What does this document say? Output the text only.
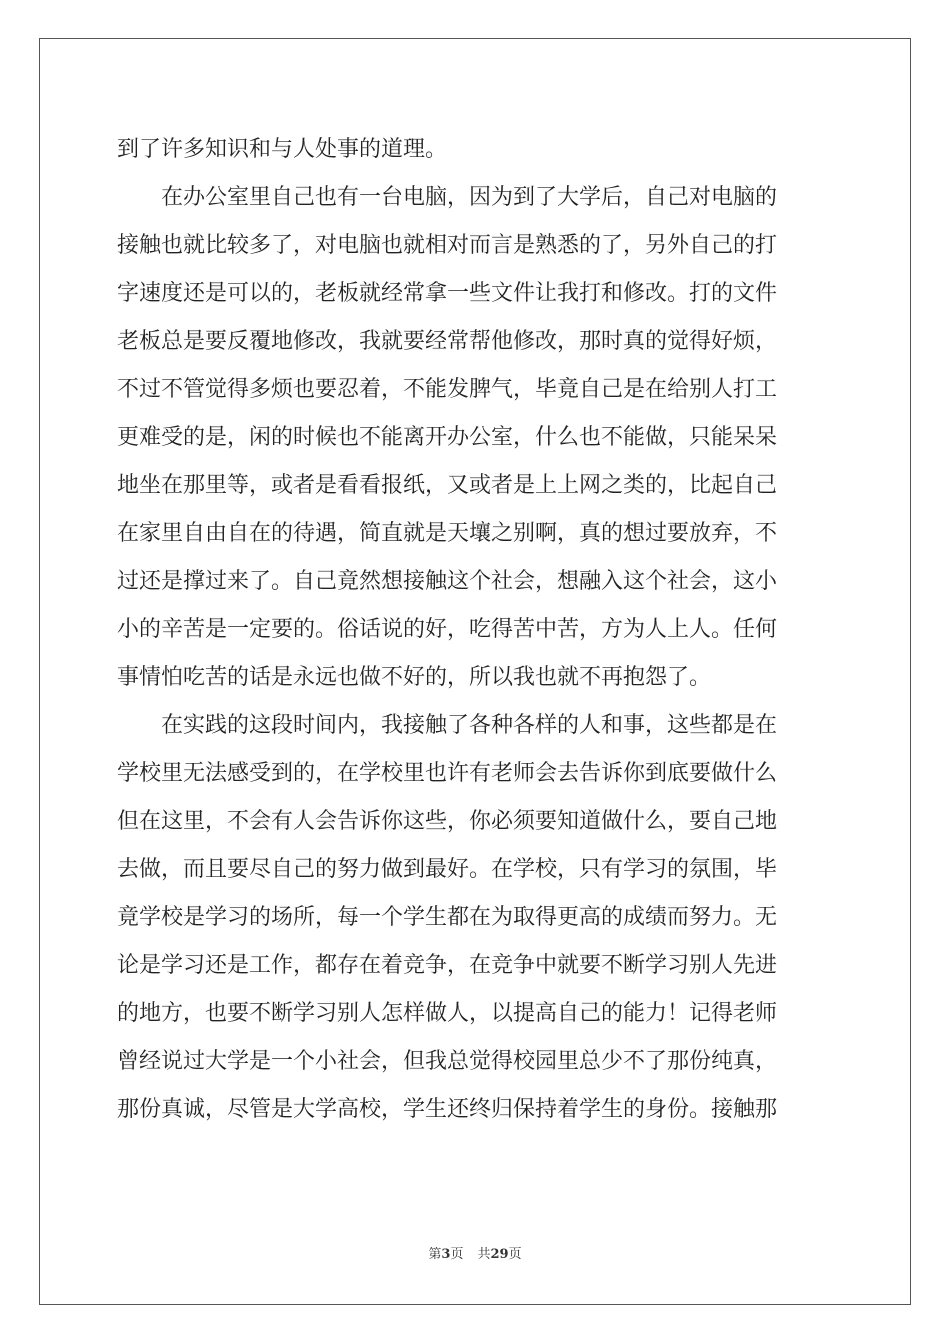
到了许多知识和与人处事的道理。
　　在办公室里自己也有一台电脑，因为到了大学后，自己对电脑的
接触也就比较多了，对电脑也就相对而言是熟悉的了，另外自己的打
字速度还是可以的，老板就经常拿一些文件让我打和修改。打的文件
老板总是要反覆地修改，我就要经常帮他修改，那时真的觉得好烦，
不过不管觉得多烦也要忍着，不能发脾气，毕竟自己是在给别人打工
更难受的是，闲的时候也不能离开办公室，什么也不能做，只能呆呆
地坐在那里等，或者是看看报纸，又或者是上上网之类的，比起自己
在家里自由自在的待遇，简直就是天壤之别啊，真的想过要放弃，不
过还是撑过来了。自己竟然想接触这个社会，想融入这个社会，这小
小的辛苦是一定要的。俗话说的好，吃得苦中苦，方为人上人。任何
事情怕吃苦的话是永远也做不好的，所以我也就不再抱怨了。
　　在实践的这段时间内，我接触了各种各样的人和事，这些都是在
学校里无法感受到的，在学校里也许有老师会去告诉你到底要做什么
但在这里，不会有人会告诉你这些，你必须要知道做什么，要自己地
去做，而且要尽自己的努力做到最好。在学校，只有学习的氛围，毕
竟学校是学习的场所，每一个学生都在为取得更高的成绩而努力。无
论是学习还是工作，都存在着竞争，在竞争中就要不断学习别人先进
的地方，也要不断学习别人怎样做人，以提高自己的能力！记得老师
曾经说过大学是一个小社会，但我总觉得校园里总少不了那份纯真，
那份真诚，尽管是大学高校，学生还终归保持着学生的身份。接触那
第3页 共29页
